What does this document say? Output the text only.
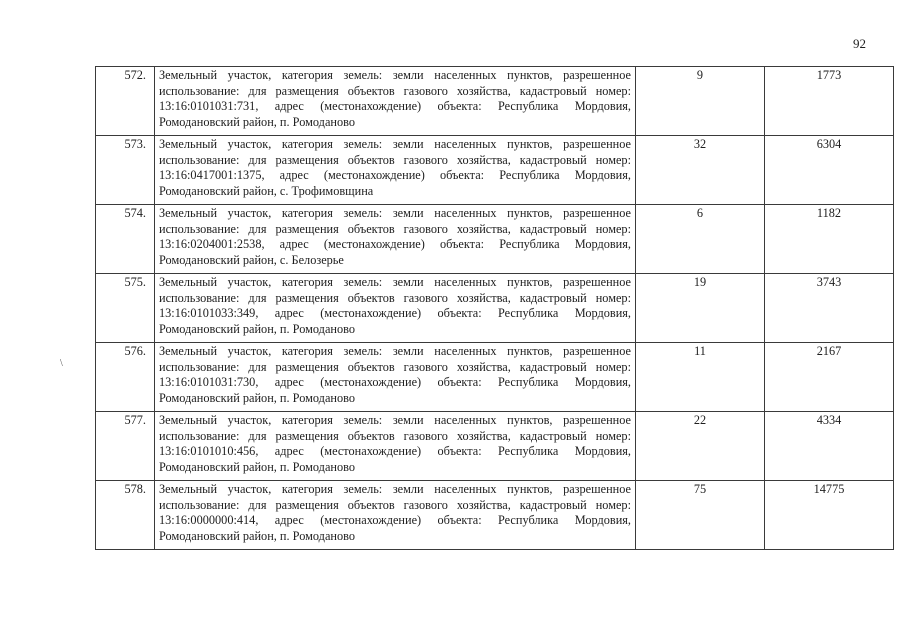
92
\
572.	Земельный участок, категория земель: земли населенных пунктов, разрешенное использование: для размещения объектов газового хозяйства, кадастровый номер: 13:16:0101031:731, адрес (местонахождение) объекта: Республика Мордовия, Ромодановский район, п. Ромоданово	9	1773
573.	Земельный участок, категория земель: земли населенных пунктов, разрешенное использование: для размещения объектов газового хозяйства, кадастровый номер: 13:16:0417001:1375, адрес (местонахождение) объекта: Республика Мордовия, Ромодановский район, с. Трофимовщина	32	6304
574.	Земельный участок, категория земель: земли населенных пунктов, разрешенное использование: для размещения объектов газового хозяйства, кадастровый номер: 13:16:0204001:2538, адрес (местонахождение) объекта: Республика Мордовия, Ромодановский район, с. Белозерье	6	1182
575.	Земельный участок, категория земель: земли населенных пунктов, разрешенное использование: для размещения объектов газового хозяйства, кадастровый номер: 13:16:0101033:349, адрес (местонахождение) объекта: Республика Мордовия, Ромодановский район, п. Ромоданово	19	3743
576.	Земельный участок, категория земель: земли населенных пунктов, разрешенное использование: для размещения объектов газового хозяйства, кадастровый номер: 13:16:0101031:730, адрес (местонахождение) объекта: Республика Мордовия, Ромодановский район, п. Ромоданово	11	2167
577.	Земельный участок, категория земель: земли населенных пунктов, разрешенное использование: для размещения объектов газового хозяйства, кадастровый номер: 13:16:0101010:456, адрес (местонахождение) объекта: Республика Мордовия, Ромодановский район, п. Ромоданово	22	4334
578.	Земельный участок, категория земель: земли населенных пунктов, разрешенное использование: для размещения объектов газового хозяйства, кадастровый номер: 13:16:0000000:414, адрес (местонахождение) объекта: Республика Мордовия, Ромодановский район, п. Ромоданово	75	14775
